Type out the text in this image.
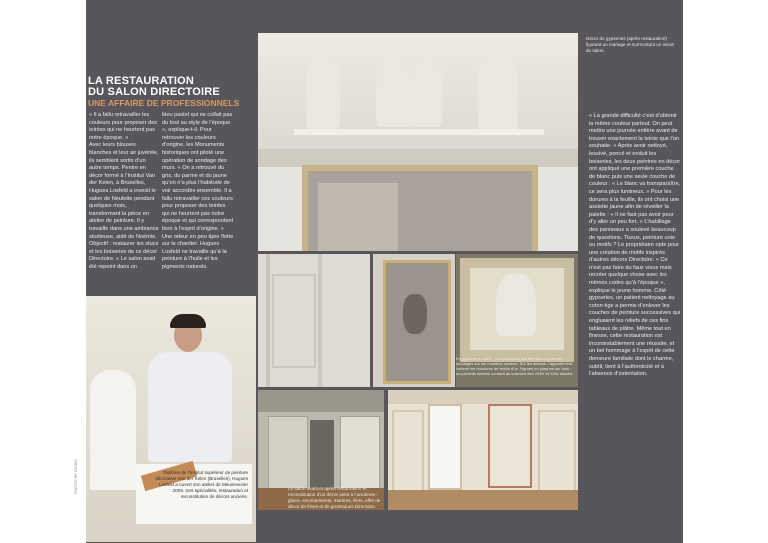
Décor de gypseries (après restauration) figurant un mariage et surmontant un miroir du salon.
LA RESTAURATION
DU SALON DIRECTOIRE
UNE AFFAIRE DE PROFESSIONNELS
« Il a fallu retravailler les couleurs pour proposer des teintes qui ne heurtent pas notre époque. »
Avec leurs blouses blanches et leur air juvénile, ils semblent sortis d’un autre temps. Pentre en décor formé à l’Institut Van der Kelen, à Bruxelles, Hugues Losfeld a investi le salon de Neulette pendant quelques mois, transformant la pièce en atelier de peinture. Il y travaille dans une ambiance studieuse, aidé de Noémie. Objectif : restaurer les stucs et les boiseries de ce décor Directoire. « Le salon avait été repeint dans un
bleu pastel qui ne collait pas du tout au style de l’époque », explique-t-il. Pour retrouver les couleurs d’origine, les Monuments historiques ont piloté une opération de sondage des murs. « On a retrouvé du gris, du parme et du jaune qu’on n’a plus l’habitude de voir accordés ensemble. Il a fallu retravailler ces couleurs pour proposer des teintes qui ne heurtent pas notre époque et qui correspondent bien à l’esprit d’origine. » Une odeur en peu âpre flotte sur le chantier. Hugues Losfeld ne travaille qu’à la peinture à l’huile et les pigments naturels.
« La grande difficulté c’est d’obtenir la même couleur partout. On peut mettre une journée entière avant de trouver exactement la teinte que l’on souhaite. » Après avoir nettoyé, lessivé, poncé et enduit les boiseries, les deux peintres en décor ont appliqué une première couche de blanc puis une seule couche de couleur : « Le blanc va transparaître, ce sera plus lumineux. » Pour les dorures à la feuille, ils ont choisi une assiette jaune afin de réveiller la palette : « Il ne faut pas avoir peur d’y aller un peu fort. » L’habillage des panneaux a soulevé beaucoup de questions. Tissus, peinture unie ou motifs ? Le propriétaire opte pour une création de motifs inspirés d’autres décors Directoire. « Ce n’est pas faire du faux vieux mais recréer quelque chose avec les mêmes codes qu’à l’époque », explique le jeune homme. Côté gypseries, un patient nettoyage au coton-tige a permis d’enlever les couches de peinture successives qui engluaient les reliefs de ces fins tableaux de plâtre. Même tout en finesse, cette restauration est incontestablement une réussite, et un bel hommage à l’esprit de cette demeure familiale dont le charme, subtil, tient à l’authenticité et à l’absence d’ostentation.
En gypserie à droite : Les panneaux ont été faits d’après les moulages sur les modèles anciens. Sur les dessus, l’appartement comme les moulures de feuille d’or. Figures en plaques sur bois : un procédé devenu courant au tournant des XVIIe et XIXe siècles.
Diplômé de l’Institut supérieur de peinture décorative Van der Kelen (Bruxelles), Hugues Losfeld a ouvert son atelier de Meuvevecier 2008. Ses spécialités, restauration et reconstitution de décors anciens.
PHOTOS DR STUDIO	Le salon avant et après restauration et reconstitution d’un décor peint à l’ancienne : glacis, envoûtements, marbres, filets, effet de décor de frises et de grotesques Directoire.
